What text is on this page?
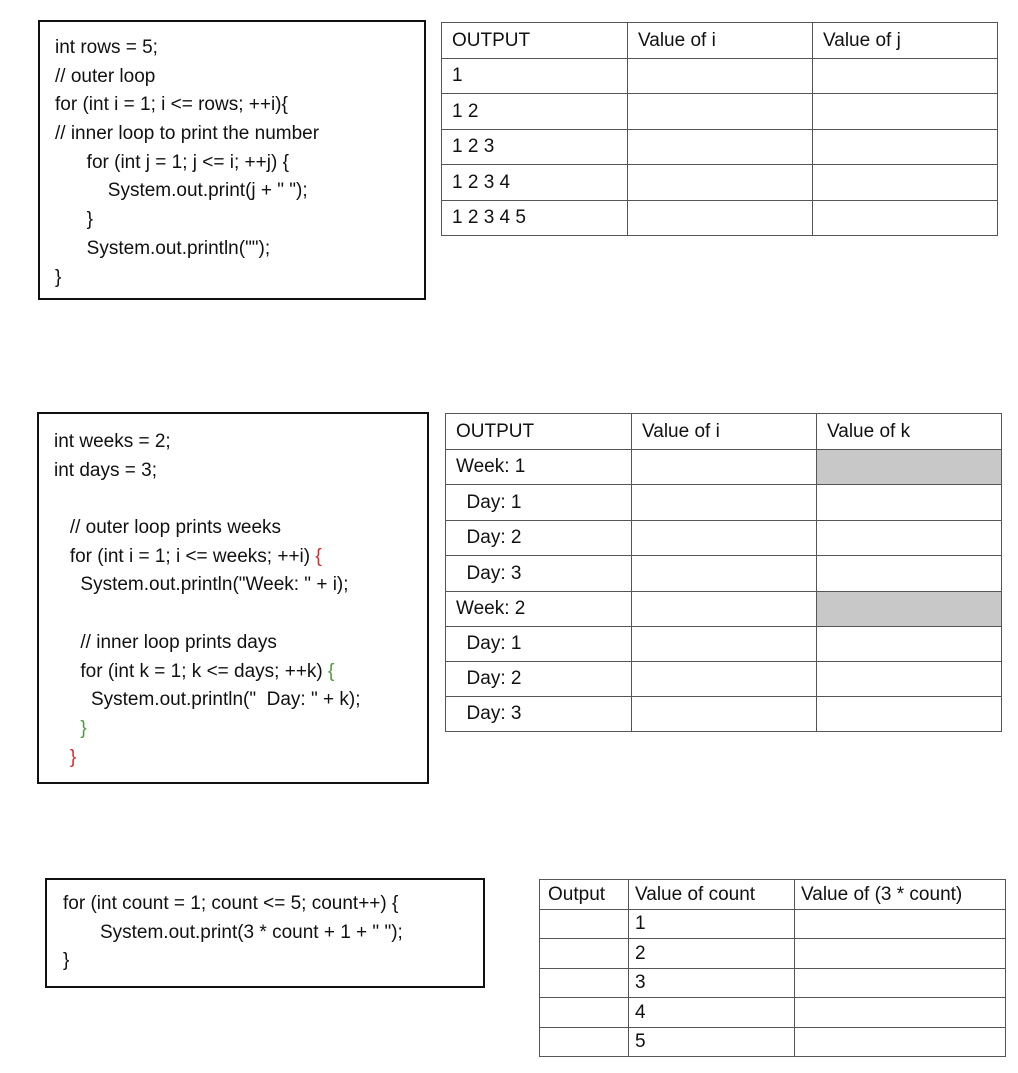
int rows = 5;
// outer loop
for (int i = 1; i <= rows; ++i){
// inner loop to print the number
for (int j = 1; j <= i; ++j) {
System.out.print(j + " ");
}
System.out.println("");
}
OUTPUT	Value of i	Value of j
1		
1 2		
1 2 3		
1 2 3 4		
1 2 3 4 5		
int weeks = 2;
int days = 3;
// outer loop prints weeks
for (int i = 1; i <= weeks; ++i) {
System.out.println("Week: " + i);
// inner loop prints days
for (int k = 1; k <= days; ++k) {
System.out.println("  Day: " + k);
}
}
OUTPUT	Value of i	Value of k
Week: 1		
Day: 1		
Day: 2		
Day: 3		
Week: 2		
Day: 1		
Day: 2		
Day: 3		
for (int count = 1; count <= 5; count++) {
System.out.print(3 * count + 1 + " ");
}
Output	Value of count	Value of (3 * count)
	1	
	2	
	3	
	4	
	5	
